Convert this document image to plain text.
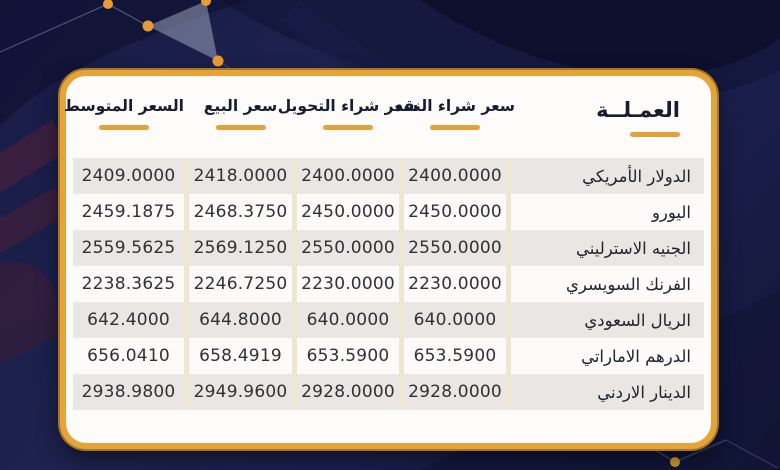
العمـلــة
سعر شراء النقد
سعر شراء التحويل
سعر البيع
السعر المتوسط
الدولار الأمريكي
2400.0000
2400.0000
2418.0000
2409.0000
اليورو
2450.0000
2450.0000
2468.3750
2459.1875
الجنيه الاسترليني
2550.0000
2550.0000
2569.1250
2559.5625
الفرنك السويسري
2230.0000
2230.0000
2246.7250
2238.3625
الريال السعودي
640.0000
640.0000
644.8000
642.4000
الدرهم الاماراتي
653.5900
653.5900
658.4919
656.0410
الدينار الاردني
2928.0000
2928.0000
2949.9600
2938.9800
